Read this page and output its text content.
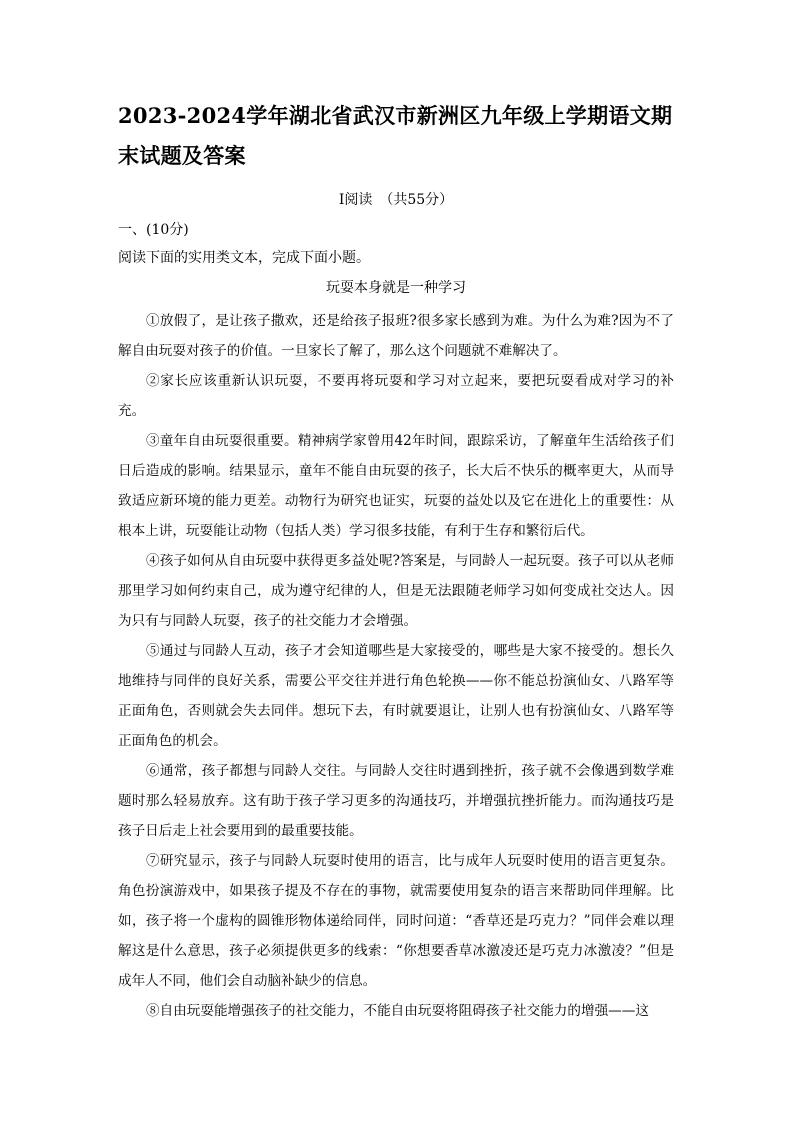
2023-2024学年湖北省武汉市新洲区九年级上学期语文期末试题及答案
Ⅰ阅读　（共55分）
一、(10分)
阅读下面的实用类文本，完成下面小题。
玩耍本身就是一种学习

①放假了，是让孩子撒欢，还是给孩子报班?很多家长感到为难。为什么为难?因为不了解自由玩耍对孩子的价值。一旦家长了解了，那么这个问题就不难解决了。

②家长应该重新认识玩耍，不要再将玩耍和学习对立起来，要把玩耍看成对学习的补充。

③童年自由玩耍很重要。精神病学家曾用42年时间，跟踪采访，了解童年生活给孩子们日后造成的影响。结果显示，童年不能自由玩耍的孩子，长大后不快乐的概率更大，从而导致适应新环境的能力更差。动物行为研究也证实，玩耍的益处以及它在进化上的重要性：从根本上讲，玩耍能让动物（包括人类）学习很多技能，有利于生存和繁衍后代。

④孩子如何从自由玩耍中获得更多益处呢?答案是，与同龄人一起玩耍。孩子可以从老师那里学习如何约束自己，成为遵守纪律的人，但是无法跟随老师学习如何变成社交达人。因为只有与同龄人玩耍，孩子的社交能力才会增强。

⑤通过与同龄人互动，孩子才会知道哪些是大家接受的，哪些是大家不接受的。想长久地维持与同伴的良好关系，需要公平交往并进行角色轮换——你不能总扮演仙女、八路军等正面角色，否则就会失去同伴。想玩下去，有时就要退让，让别人也有扮演仙女、八路军等正面角色的机会。

⑥通常，孩子都想与同龄人交往。与同龄人交往时遇到挫折，孩子就不会像遇到数学难题时那么轻易放弃。这有助于孩子学习更多的沟通技巧，并增强抗挫折能力。而沟通技巧是孩子日后走上社会要用到的最重要技能。

⑦研究显示，孩子与同龄人玩耍时使用的语言，比与成年人玩耍时使用的语言更复杂。角色扮演游戏中，如果孩子提及不存在的事物，就需要使用复杂的语言来帮助同伴理解。比如，孩子将一个虚构的圆锥形物体递给同伴，同时问道：“香草还是巧克力？”同伴会难以理解这是什么意思，孩子必须提供更多的线索：“你想要香草冰激凌还是巧克力冰激凌？”但是成年人不同，他们会自动脑补缺少的信息。

⑧自由玩耍能增强孩子的社交能力，不能自由玩耍将阻碍孩子社交能力的增强——这
